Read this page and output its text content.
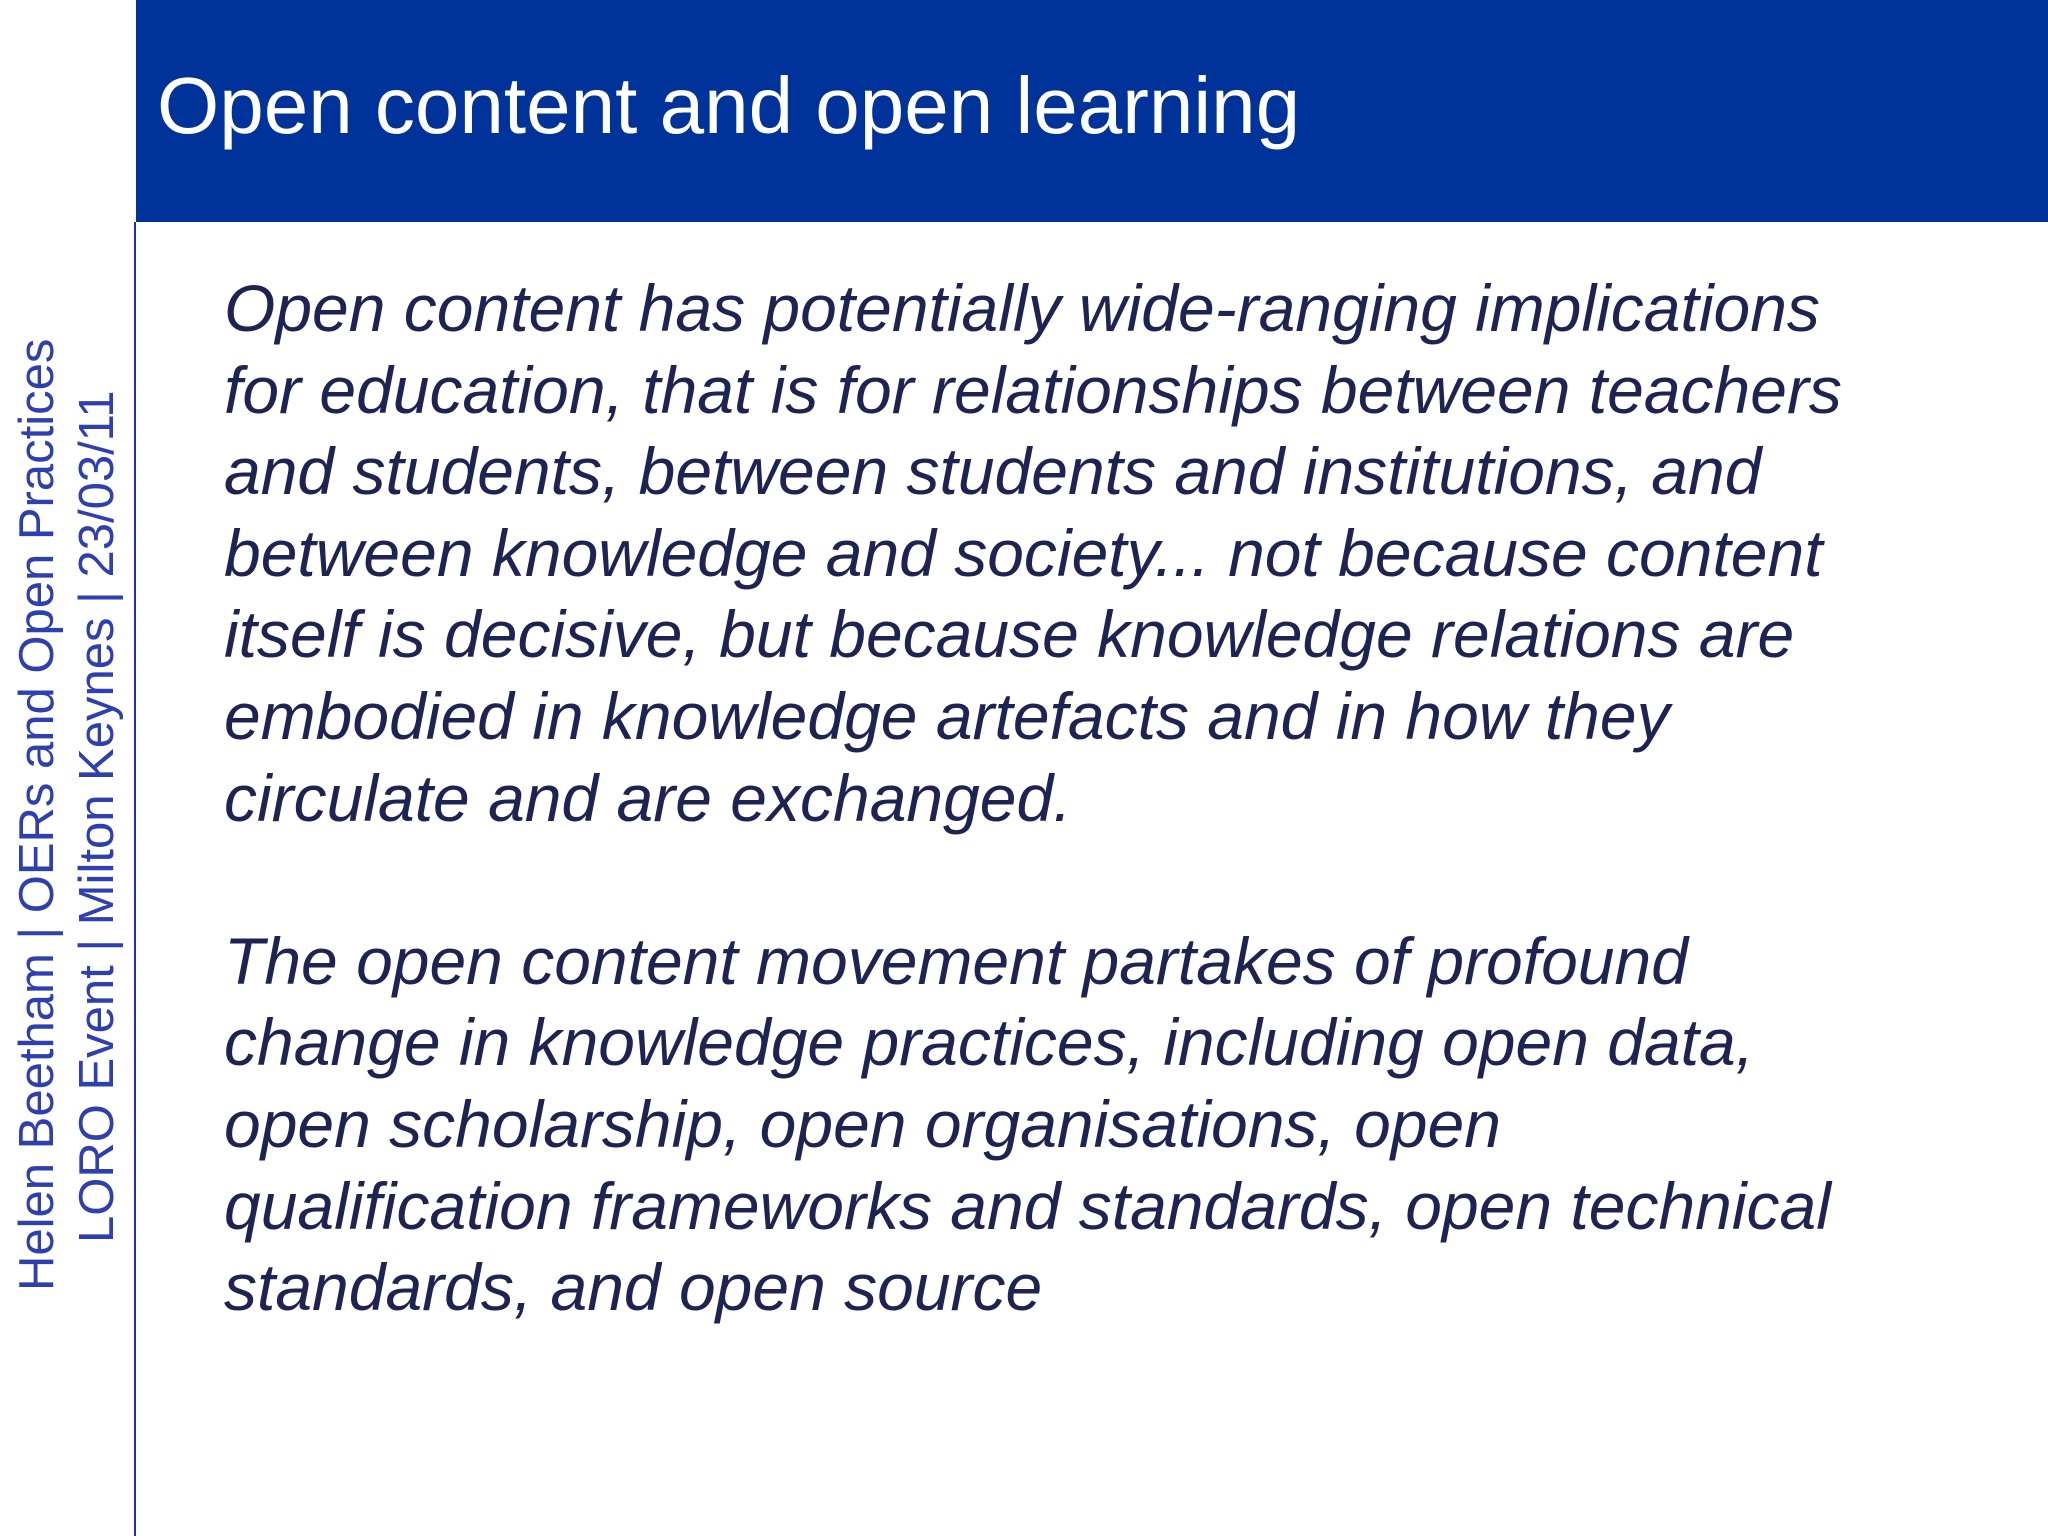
Open content and open learning
Helen Beetham | OERs and Open Practices LORO Event | Milton Keynes | 23/03/11

Open content has potentially wide-ranging implications
for education, that is for relationships between teachers
and students, between students and institutions, and
between knowledge and society... not because content
itself is decisive, but because knowledge relations are
embodied in knowledge artefacts and in how they
circulate and are exchanged.

The open content movement partakes of profound
change in knowledge practices, including open data,
open scholarship, open organisations, open
qualification frameworks and standards, open technical
standards, and open source
